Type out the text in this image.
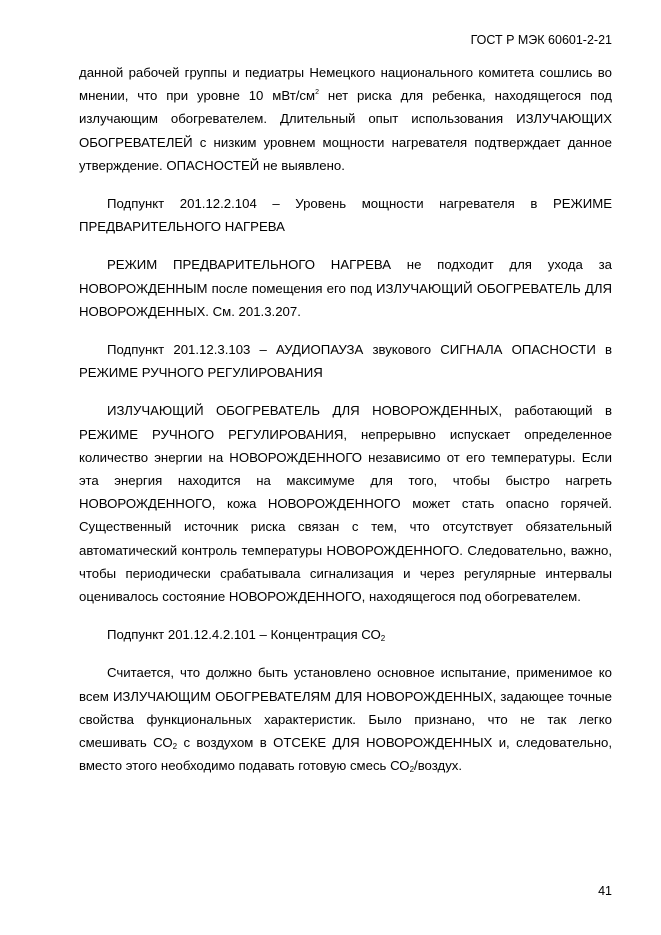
ГОСТ Р МЭК 60601-2-21

данной рабочей группы и педиатры Немецкого национального комитета сошлись во мнении, что при уровне 10 мВт/$см^2$ нет риска для ребенка, находящегося под излучающим обогревателем. Длительный опыт использования ИЗЛУЧАЮЩИХ ОБОГРЕВАТЕЛЕЙ с низким уровнем мощности нагревателя подтверждает данное утверждение. ОПАСНОСТЕЙ не выявлено.

Подпункт 201.12.2.104 – Уровень мощности нагревателя в РЕЖИМЕ ПРЕДВАРИТЕЛЬНОГО НАГРЕВА

РЕЖИМ ПРЕДВАРИТЕЛЬНОГО НАГРЕВА не подходит для ухода за НОВОРОЖДЕННЫМ после помещения его под ИЗЛУЧАЮЩИЙ ОБОГРЕВАТЕЛЬ ДЛЯ НОВОРОЖДЕННЫХ. См. 201.3.207.

Подпункт 201.12.3.103 – АУДИОПАУЗА звукового СИГНАЛА ОПАСНОСТИ в РЕЖИМЕ РУЧНОГО РЕГУЛИРОВАНИЯ

ИЗЛУЧАЮЩИЙ ОБОГРЕВАТЕЛЬ ДЛЯ НОВОРОЖДЕННЫХ, работающий в РЕЖИМЕ РУЧНОГО РЕГУЛИРОВАНИЯ, непрерывно испускает определенное количество энергии на НОВОРОЖДЕННОГО независимо от его температуры. Если эта энергия находится на максимуме для того, чтобы быстро нагреть НОВОРОЖДЕННОГО, кожа НОВОРОЖДЕННОГО может стать опасно горячей. Существенный источник риска связан с тем, что отсутствует обязательный автоматический контроль температуры НОВОРОЖДЕННОГО. Следовательно, важно, чтобы периодически срабатывала сигнализация и через регулярные интервалы оценивалось состояние НОВОРОЖДЕННОГО, находящегося под обогревателем.

Подпункт 201.12.4.2.101 – Концентрация $СО_2$

Считается, что должно быть установлено основное испытание, применимое ко всем ИЗЛУЧАЮЩИМ ОБОГРЕВАТЕЛЯМ ДЛЯ НОВОРОЖДЕННЫХ, задающее точные свойства функциональных характеристик. Было признано, что не так легко смешивать $СО_2$ с воздухом в ОТСЕКЕ ДЛЯ НОВОРОЖДЕННЫХ и, следовательно, вместо этого необходимо подавать готовую смесь $СО_2$/воздух.

41
